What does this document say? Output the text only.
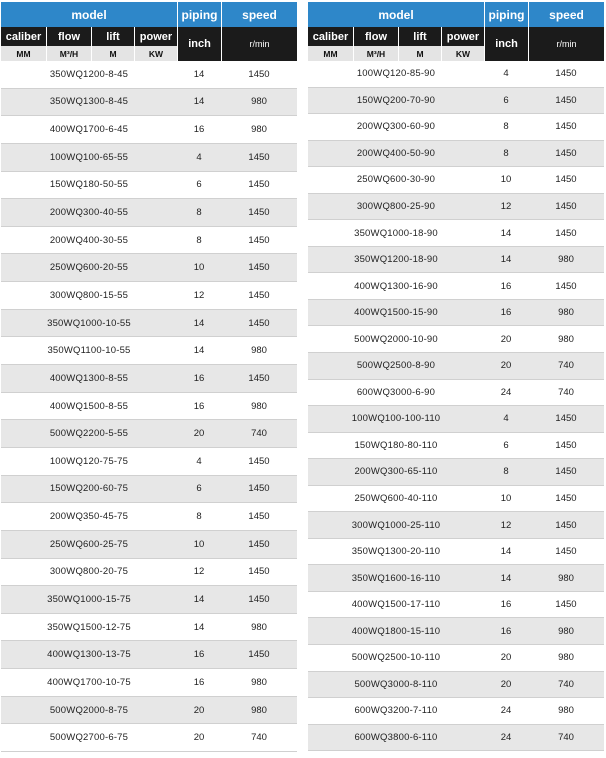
model	piping	speed
caliber	flow	lift	power
inch	r/min
MM	M³/H	M	KW
350WQ1200-8-45	14	1450
350WQ1300-8-45	14	980
400WQ1700-6-45	16	980
100WQ100-65-55	4	1450
150WQ180-50-55	6	1450
200WQ300-40-55	8	1450
200WQ400-30-55	8	1450
250WQ600-20-55	10	1450
300WQ800-15-55	12	1450
350WQ1000-10-55	14	1450
350WQ1100-10-55	14	980
400WQ1300-8-55	16	1450
400WQ1500-8-55	16	980
500WQ2200-5-55	20	740
100WQ120-75-75	4	1450
150WQ200-60-75	6	1450
200WQ350-45-75	8	1450
250WQ600-25-75	10	1450
300WQ800-20-75	12	1450
350WQ1000-15-75	14	1450
350WQ1500-12-75	14	980
400WQ1300-13-75	16	1450
400WQ1700-10-75	16	980
500WQ2000-8-75	20	980
500WQ2700-6-75	20	740
model	piping	speed
caliber	flow	lift	power
inch	r/min
MM	M³/H	M	KW
100WQ120-85-90	4	1450
150WQ200-70-90	6	1450
200WQ300-60-90	8	1450
200WQ400-50-90	8	1450
250WQ600-30-90	10	1450
300WQ800-25-90	12	1450
350WQ1000-18-90	14	1450
350WQ1200-18-90	14	980
400WQ1300-16-90	16	1450
400WQ1500-15-90	16	980
500WQ2000-10-90	20	980
500WQ2500-8-90	20	740
600WQ3000-6-90	24	740
100WQ100-100-110	4	1450
150WQ180-80-110	6	1450
200WQ300-65-110	8	1450
250WQ600-40-110	10	1450
300WQ1000-25-110	12	1450
350WQ1300-20-110	14	1450
350WQ1600-16-110	14	980
400WQ1500-17-110	16	1450
400WQ1800-15-110	16	980
500WQ2500-10-110	20	980
500WQ3000-8-110	20	740
600WQ3200-7-110	24	980
600WQ3800-6-110	24	740
